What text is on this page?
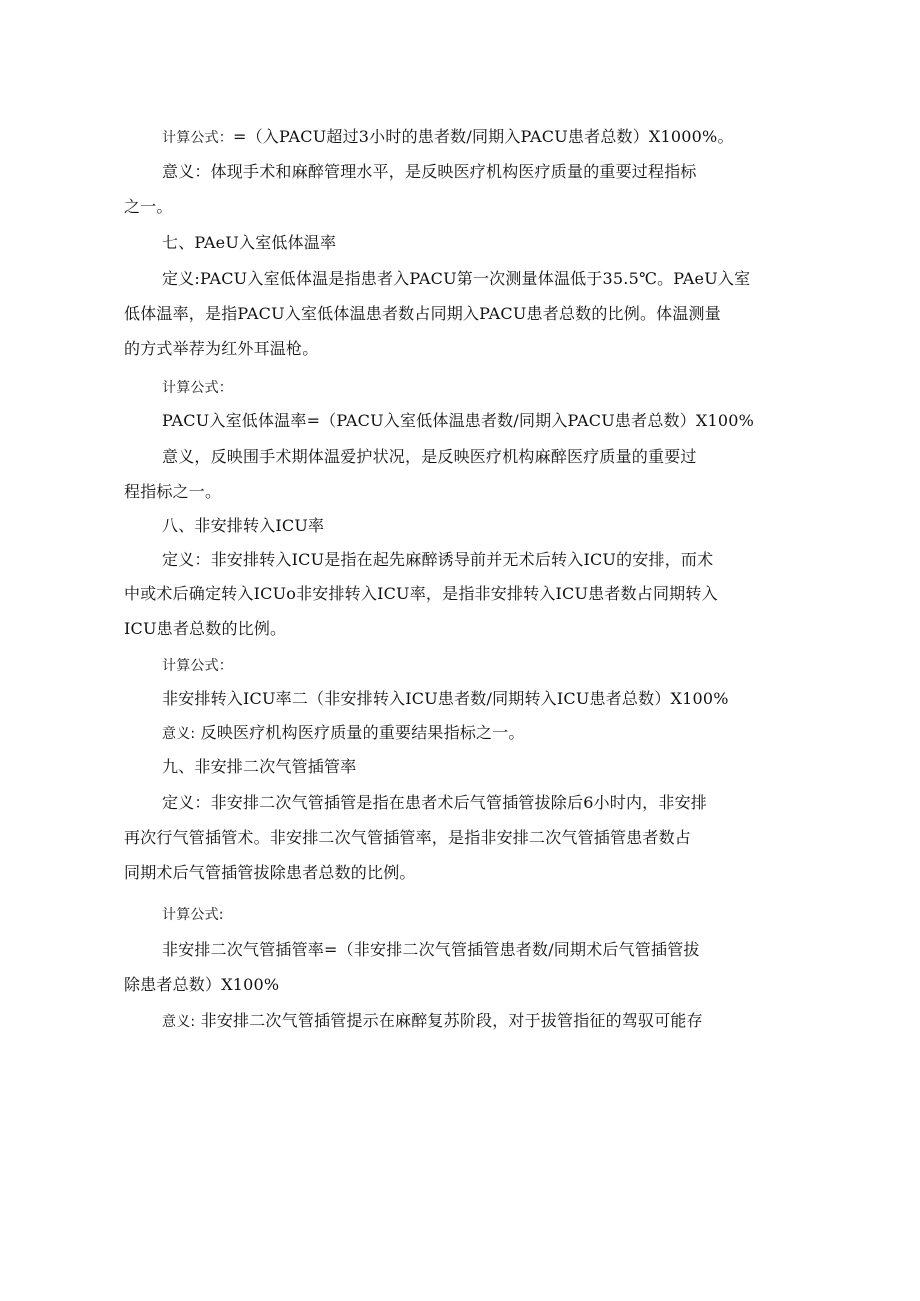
计算公式：=（入PACU超过3小时的患者数/同期入PACU患者总数）X1000%。
意义：体现手术和麻醉管理水平，是反映医疗机构医疗质量的重要过程指标
之一。
七、PAeU入室低体温率
定义:PACU入室低体温是指患者入PACU第一次测量体温低于35.5℃。PAeU入室
低体温率，是指PACU入室低体温患者数占同期入PACU患者总数的比例。体温测量
的方式举荐为红外耳温枪。
计算公式：
PACU入室低体温率=（PACU入室低体温患者数/同期入PACU患者总数）X100%
意义，反映围手术期体温爱护状况，是反映医疗机构麻醉医疗质量的重要过
程指标之一。
八、非安排转入ICU率
定义：非安排转入ICU是指在起先麻醉诱导前并无术后转入ICU的安排，而术
中或术后确定转入ICUo非安排转入ICU率，是指非安排转入ICU患者数占同期转入
ICU患者总数的比例。
计算公式：
非安排转入ICU率二（非安排转入ICU患者数/同期转入ICU患者总数）X100%
意义: 反映医疗机构医疗质量的重要结果指标之一。
九、非安排二次气管插管率
定义：非安排二次气管插管是指在患者术后气管插管拔除后6小时内，非安排
再次行气管插管术。非安排二次气管插管率，是指非安排二次气管插管患者数占
同期术后气管插管拔除患者总数的比例。
计算公式:
非安排二次气管插管率=（非安排二次气管插管患者数/同期术后气管插管拔
除患者总数）X100%
意义: 非安排二次气管插管提示在麻醉复苏阶段，对于拔管指征的驾驭可能存
